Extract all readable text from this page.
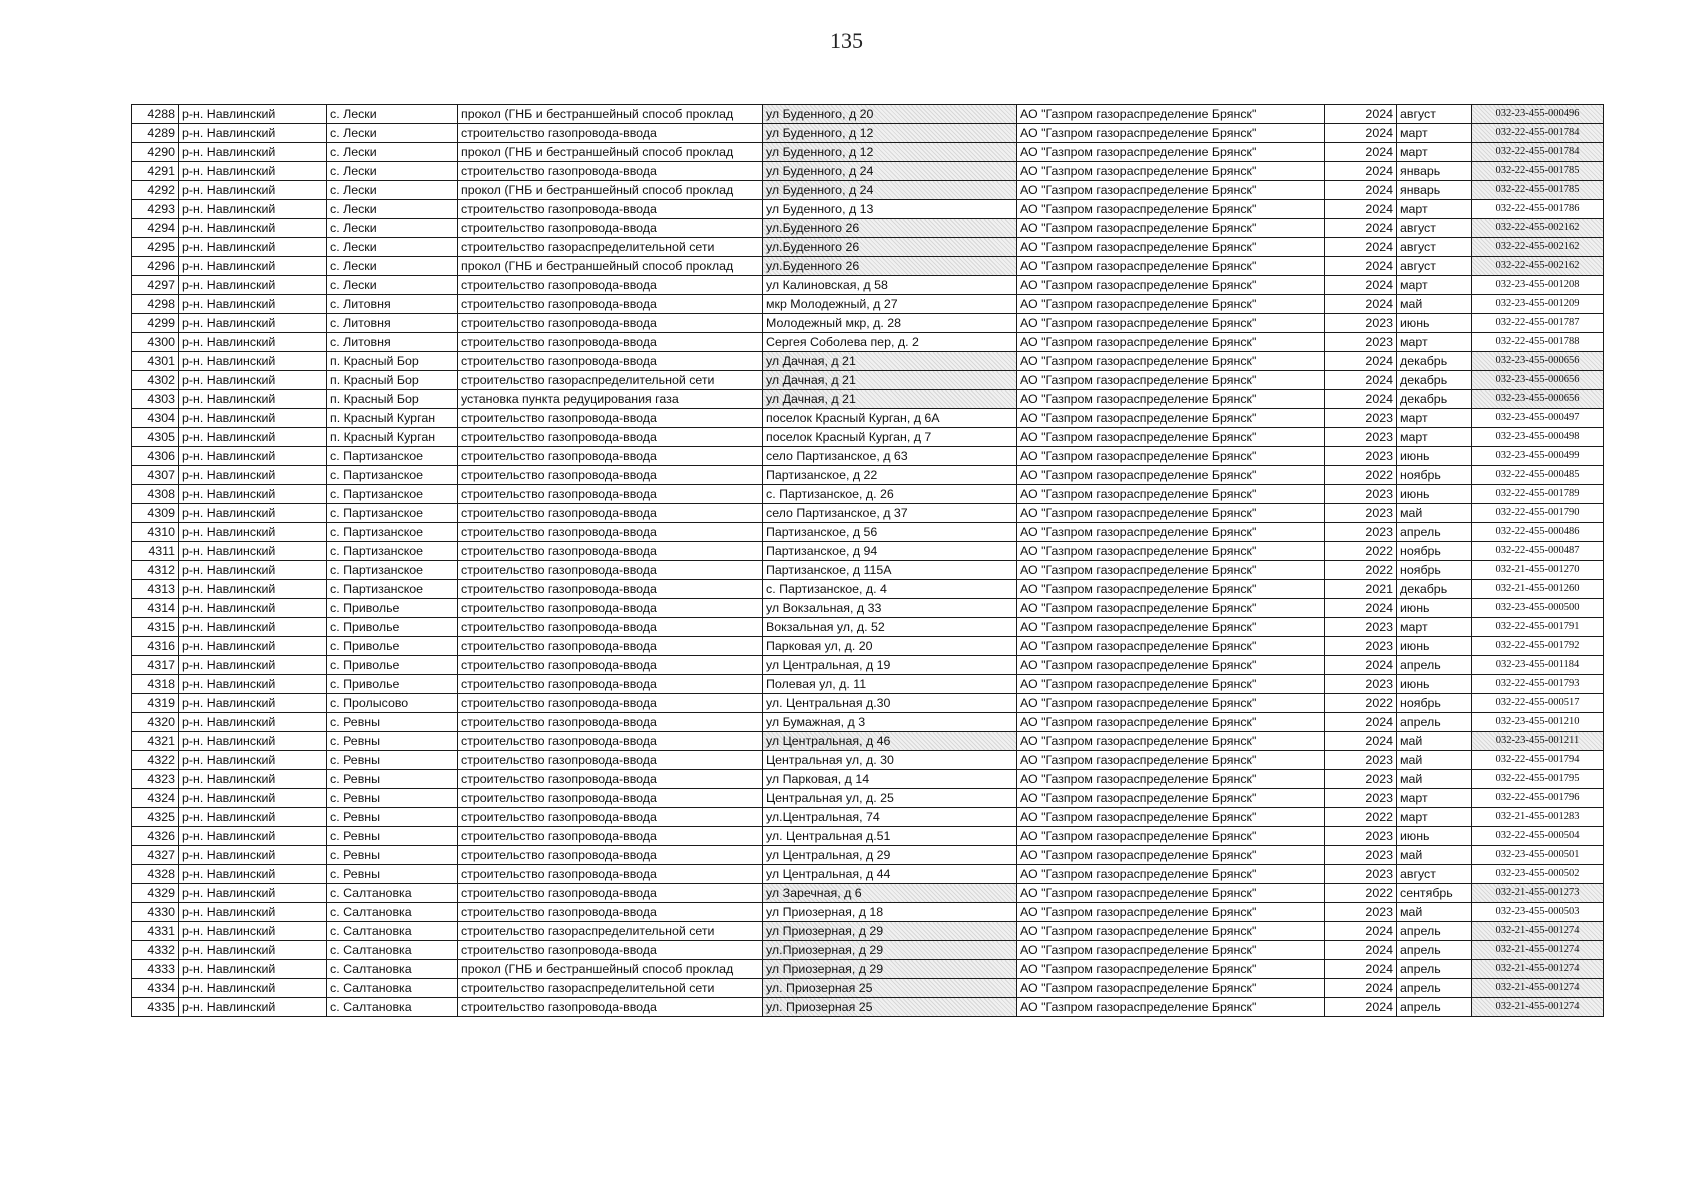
135
4288	р-н. Навлинский	с. Лески	прокол (ГНБ и бестраншейный способ проклад	ул Буденного, д 20	АО "Газпром газораспределение Брянск"	2024	август	032-23-455-000496
4289	р-н. Навлинский	с. Лески	строительство газопровода-ввода	ул Буденного, д 12	АО "Газпром газораспределение Брянск"	2024	март	032-22-455-001784
4290	р-н. Навлинский	с. Лески	прокол (ГНБ и бестраншейный способ проклад	ул Буденного, д 12	АО "Газпром газораспределение Брянск"	2024	март	032-22-455-001784
4291	р-н. Навлинский	с. Лески	строительство газопровода-ввода	ул Буденного, д 24	АО "Газпром газораспределение Брянск"	2024	январь	032-22-455-001785
4292	р-н. Навлинский	с. Лески	прокол (ГНБ и бестраншейный способ проклад	ул Буденного, д 24	АО "Газпром газораспределение Брянск"	2024	январь	032-22-455-001785
4293	р-н. Навлинский	с. Лески	строительство газопровода-ввода	ул Буденного, д 13	АО "Газпром газораспределение Брянск"	2024	март	032-22-455-001786
4294	р-н. Навлинский	с. Лески	строительство газопровода-ввода	ул.Буденного 26	АО "Газпром газораспределение Брянск"	2024	август	032-22-455-002162
4295	р-н. Навлинский	с. Лески	строительство газораспределительной сети	ул.Буденного 26	АО "Газпром газораспределение Брянск"	2024	август	032-22-455-002162
4296	р-н. Навлинский	с. Лески	прокол (ГНБ и бестраншейный способ проклад	ул.Буденного 26	АО "Газпром газораспределение Брянск"	2024	август	032-22-455-002162
4297	р-н. Навлинский	с. Лески	строительство газопровода-ввода	ул Калиновская, д 58	АО "Газпром газораспределение Брянск"	2024	март	032-23-455-001208
4298	р-н. Навлинский	с. Литовня	строительство газопровода-ввода	мкр Молодежный, д 27	АО "Газпром газораспределение Брянск"	2024	май	032-23-455-001209
4299	р-н. Навлинский	с. Литовня	строительство газопровода-ввода	Молодежный мкр, д. 28	АО "Газпром газораспределение Брянск"	2023	июнь	032-22-455-001787
4300	р-н. Навлинский	с. Литовня	строительство газопровода-ввода	Сергея Соболева пер, д. 2	АО "Газпром газораспределение Брянск"	2023	март	032-22-455-001788
4301	р-н. Навлинский	п. Красный Бор	строительство газопровода-ввода	ул Дачная, д 21	АО "Газпром газораспределение Брянск"	2024	декабрь	032-23-455-000656
4302	р-н. Навлинский	п. Красный Бор	строительство газораспределительной сети	ул Дачная, д 21	АО "Газпром газораспределение Брянск"	2024	декабрь	032-23-455-000656
4303	р-н. Навлинский	п. Красный Бор	установка пункта редуцирования газа	ул Дачная, д 21	АО "Газпром газораспределение Брянск"	2024	декабрь	032-23-455-000656
4304	р-н. Навлинский	п. Красный Курган	строительство газопровода-ввода	поселок Красный Курган, д 6А	АО "Газпром газораспределение Брянск"	2023	март	032-23-455-000497
4305	р-н. Навлинский	п. Красный Курган	строительство газопровода-ввода	поселок Красный Курган, д 7	АО "Газпром газораспределение Брянск"	2023	март	032-23-455-000498
4306	р-н. Навлинский	с. Партизанское	строительство газопровода-ввода	село Партизанское, д 63	АО "Газпром газораспределение Брянск"	2023	июнь	032-23-455-000499
4307	р-н. Навлинский	с. Партизанское	строительство газопровода-ввода	Партизанское, д 22	АО "Газпром газораспределение Брянск"	2022	ноябрь	032-22-455-000485
4308	р-н. Навлинский	с. Партизанское	строительство газопровода-ввода	с. Партизанское, д. 26	АО "Газпром газораспределение Брянск"	2023	июнь	032-22-455-001789
4309	р-н. Навлинский	с. Партизанское	строительство газопровода-ввода	село Партизанское, д 37	АО "Газпром газораспределение Брянск"	2023	май	032-22-455-001790
4310	р-н. Навлинский	с. Партизанское	строительство газопровода-ввода	Партизанское, д 56	АО "Газпром газораспределение Брянск"	2023	апрель	032-22-455-000486
4311	р-н. Навлинский	с. Партизанское	строительство газопровода-ввода	Партизанское, д 94	АО "Газпром газораспределение Брянск"	2022	ноябрь	032-22-455-000487
4312	р-н. Навлинский	с. Партизанское	строительство газопровода-ввода	Партизанское, д 115А	АО "Газпром газораспределение Брянск"	2022	ноябрь	032-21-455-001270
4313	р-н. Навлинский	с. Партизанское	строительство газопровода-ввода	с. Партизанское, д. 4	АО "Газпром газораспределение Брянск"	2021	декабрь	032-21-455-001260
4314	р-н. Навлинский	с. Приволье	строительство газопровода-ввода	ул Вокзальная, д 33	АО "Газпром газораспределение Брянск"	2024	июнь	032-23-455-000500
4315	р-н. Навлинский	с. Приволье	строительство газопровода-ввода	Вокзальная ул, д. 52	АО "Газпром газораспределение Брянск"	2023	март	032-22-455-001791
4316	р-н. Навлинский	с. Приволье	строительство газопровода-ввода	Парковая ул, д. 20	АО "Газпром газораспределение Брянск"	2023	июнь	032-22-455-001792
4317	р-н. Навлинский	с. Приволье	строительство газопровода-ввода	ул Центральная, д 19	АО "Газпром газораспределение Брянск"	2024	апрель	032-23-455-001184
4318	р-н. Навлинский	с. Приволье	строительство газопровода-ввода	Полевая ул, д. 11	АО "Газпром газораспределение Брянск"	2023	июнь	032-22-455-001793
4319	р-н. Навлинский	с. Пролысово	строительство газопровода-ввода	ул. Центральная д.30	АО "Газпром газораспределение Брянск"	2022	ноябрь	032-22-455-000517
4320	р-н. Навлинский	с. Ревны	строительство газопровода-ввода	ул Бумажная, д 3	АО "Газпром газораспределение Брянск"	2024	апрель	032-23-455-001210
4321	р-н. Навлинский	с. Ревны	строительство газопровода-ввода	ул Центральная, д 46	АО "Газпром газораспределение Брянск"	2024	май	032-23-455-001211
4322	р-н. Навлинский	с. Ревны	строительство газопровода-ввода	Центральная ул, д. 30	АО "Газпром газораспределение Брянск"	2023	май	032-22-455-001794
4323	р-н. Навлинский	с. Ревны	строительство газопровода-ввода	ул Парковая, д 14	АО "Газпром газораспределение Брянск"	2023	май	032-22-455-001795
4324	р-н. Навлинский	с. Ревны	строительство газопровода-ввода	Центральная ул, д. 25	АО "Газпром газораспределение Брянск"	2023	март	032-22-455-001796
4325	р-н. Навлинский	с. Ревны	строительство газопровода-ввода	ул.Центральная, 74	АО "Газпром газораспределение Брянск"	2022	март	032-21-455-001283
4326	р-н. Навлинский	с. Ревны	строительство газопровода-ввода	ул. Центральная д.51	АО "Газпром газораспределение Брянск"	2023	июнь	032-22-455-000504
4327	р-н. Навлинский	с. Ревны	строительство газопровода-ввода	ул Центральная, д 29	АО "Газпром газораспределение Брянск"	2023	май	032-23-455-000501
4328	р-н. Навлинский	с. Ревны	строительство газопровода-ввода	ул Центральная, д 44	АО "Газпром газораспределение Брянск"	2023	август	032-23-455-000502
4329	р-н. Навлинский	с. Салтановка	строительство газопровода-ввода	ул Заречная, д 6	АО "Газпром газораспределение Брянск"	2022	сентябрь	032-21-455-001273
4330	р-н. Навлинский	с. Салтановка	строительство газопровода-ввода	ул Приозерная, д 18	АО "Газпром газораспределение Брянск"	2023	май	032-23-455-000503
4331	р-н. Навлинский	с. Салтановка	строительство газораспределительной сети	ул Приозерная, д 29	АО "Газпром газораспределение Брянск"	2024	апрель	032-21-455-001274
4332	р-н. Навлинский	с. Салтановка	строительство газопровода-ввода	ул.Приозерная, д 29	АО "Газпром газораспределение Брянск"	2024	апрель	032-21-455-001274
4333	р-н. Навлинский	с. Салтановка	прокол (ГНБ и бестраншейный способ проклад	ул Приозерная, д 29	АО "Газпром газораспределение Брянск"	2024	апрель	032-21-455-001274
4334	р-н. Навлинский	с. Салтановка	строительство газораспределительной сети	ул. Приозерная 25	АО "Газпром газораспределение Брянск"	2024	апрель	032-21-455-001274
4335	р-н. Навлинский	с. Салтановка	строительство газопровода-ввода	ул. Приозерная 25	АО "Газпром газораспределение Брянск"	2024	апрель	032-21-455-001274
